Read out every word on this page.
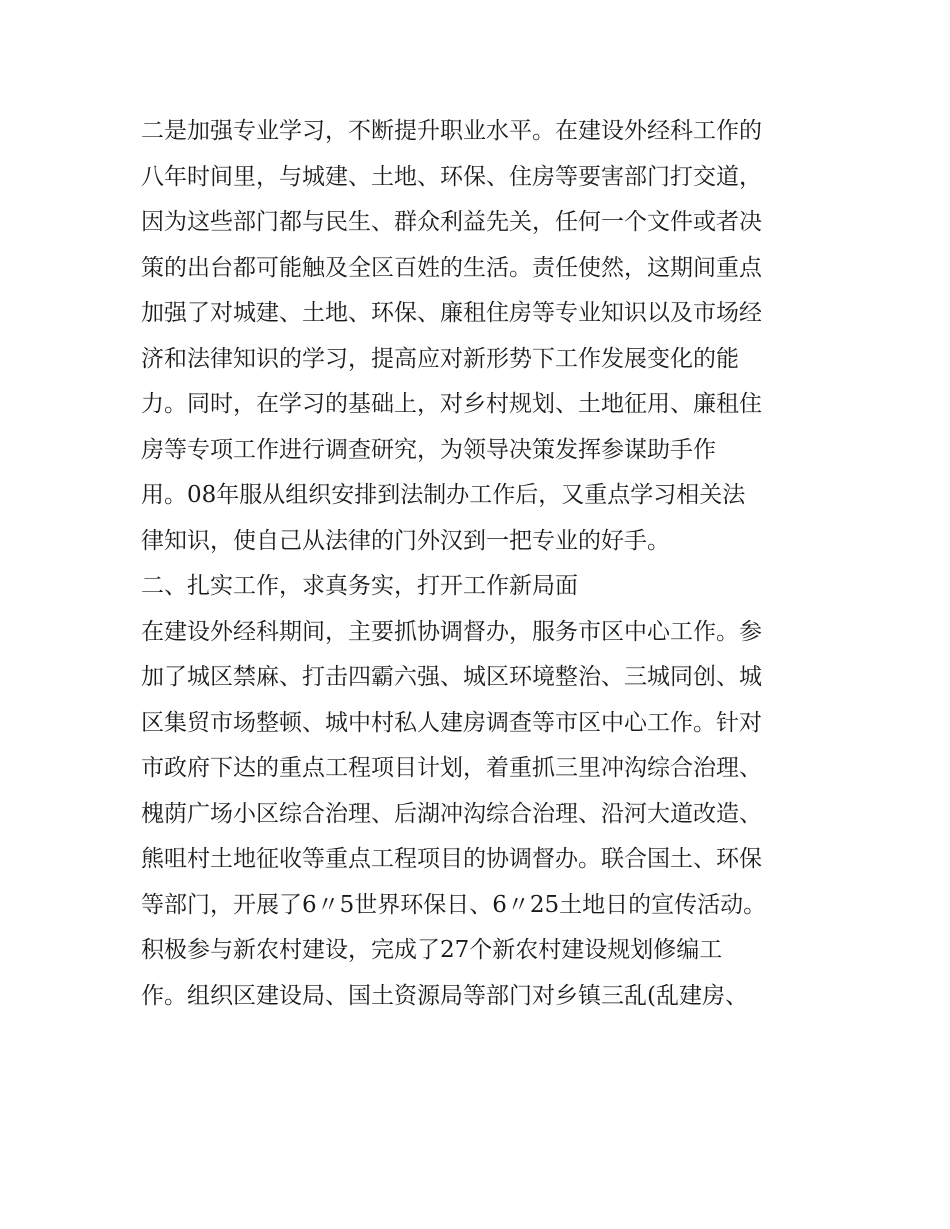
二是加强专业学习，不断提升职业水平。在建设外经科工作的
八年时间里，与城建、土地、环保、住房等要害部门打交道，
因为这些部门都与民生、群众利益先关，任何一个文件或者决
策的出台都可能触及全区百姓的生活。责任使然，这期间重点
加强了对城建、土地、环保、廉租住房等专业知识以及市场经
济和法律知识的学习，提高应对新形势下工作发展变化的能
力。同时，在学习的基础上，对乡村规划、土地征用、廉租住
房等专项工作进行调查研究，为领导决策发挥参谋助手作
用。08年服从组织安排到法制办工作后，又重点学习相关法
律知识，使自己从法律的门外汉到一把专业的好手。
二、扎实工作，求真务实，打开工作新局面
在建设外经科期间，主要抓协调督办，服务市区中心工作。参
加了城区禁麻、打击四霸六强、城区环境整治、三城同创、城
区集贸市场整顿、城中村私人建房调查等市区中心工作。针对
市政府下达的重点工程项目计划，着重抓三里冲沟综合治理、
槐荫广场小区综合治理、后湖冲沟综合治理、沿河大道改造、
熊咀村土地征收等重点工程项目的协调督办。联合国土、环保
等部门，开展了6〃5世界环保日、6〃25土地日的宣传活动。
积极参与新农村建设，完成了27个新农村建设规划修编工
作。组织区建设局、国土资源局等部门对乡镇三乱(乱建房、
